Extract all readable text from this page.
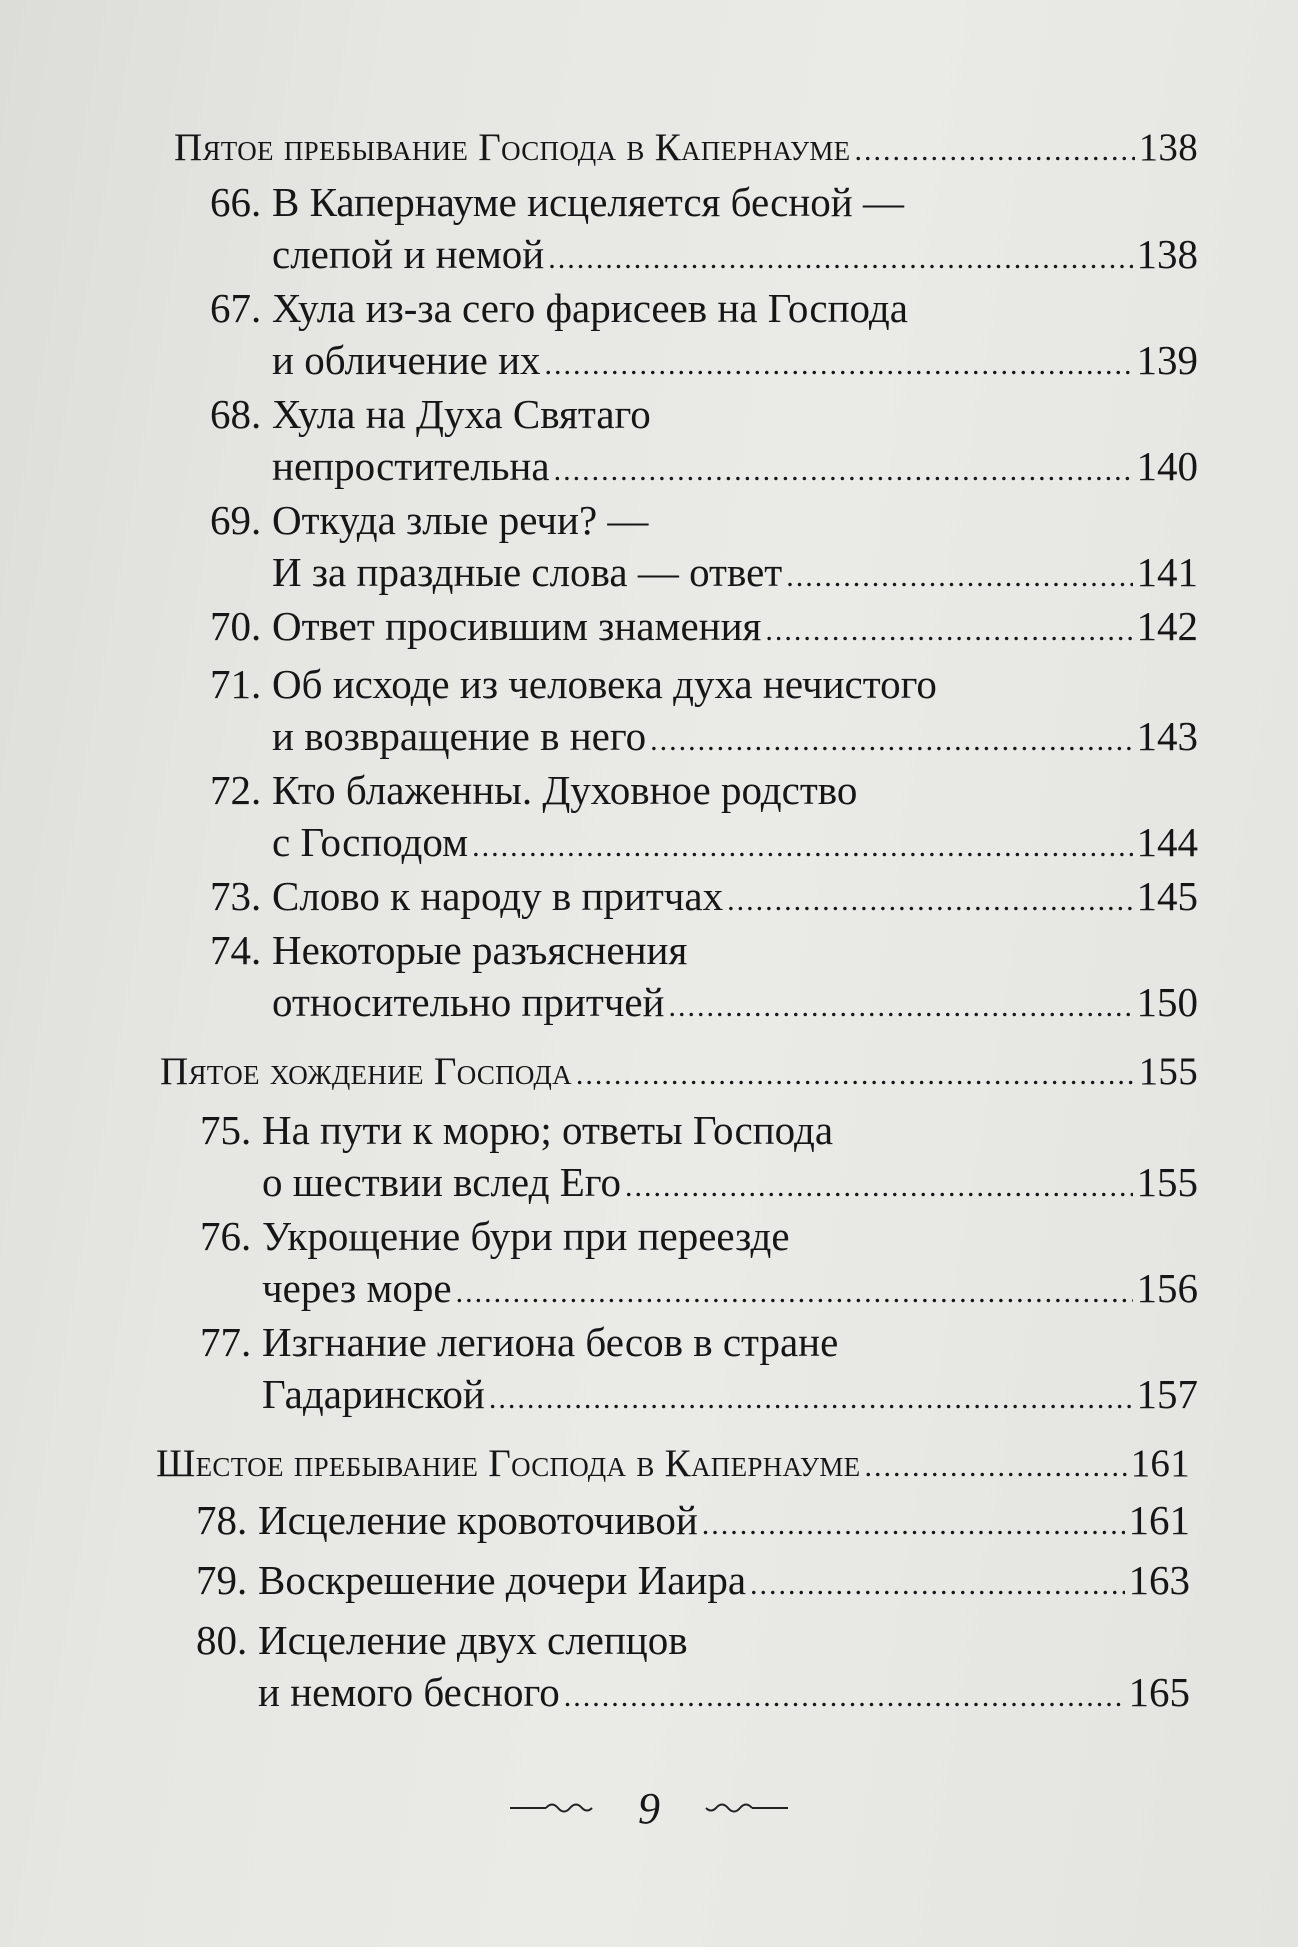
Пятое пребывание Господа в Капернауме .....	138
66. В Капернауме исцеляется бесной —
слепой и немой .....	138
67. Хула из-за сего фарисеев на Господа
и обличение их .....	139
68. Хула на Духа Святаго
непростительна .....	140
69. Откуда злые речи? —
И за праздные слова — ответ .....	141
70. Ответ просившим знамения .....	142
71. Об исходе из человека духа нечистого
и возвращение в него .....	143
72. Кто блаженны. Духовное родство
с Господом .....	144
73. Слово к народу в притчах .....	145
74. Некоторые разъяснения
относительно притчей .....	150
Пятое хождение Господа .....	155
75. На пути к морю; ответы Господа
о шествии вслед Его .....	155
76. Укрощение бури при переезде
через море .....	156
77. Изгнание легиона бесов в стране
Гадаринской .....	157
Шестое пребывание Господа в Капернауме .....	161
78. Исцеление кровоточивой .....	161
79. Воскрешение дочери Иаира .....	163
80. Исцеление двух слепцов
и немого бесного .....	165
9
